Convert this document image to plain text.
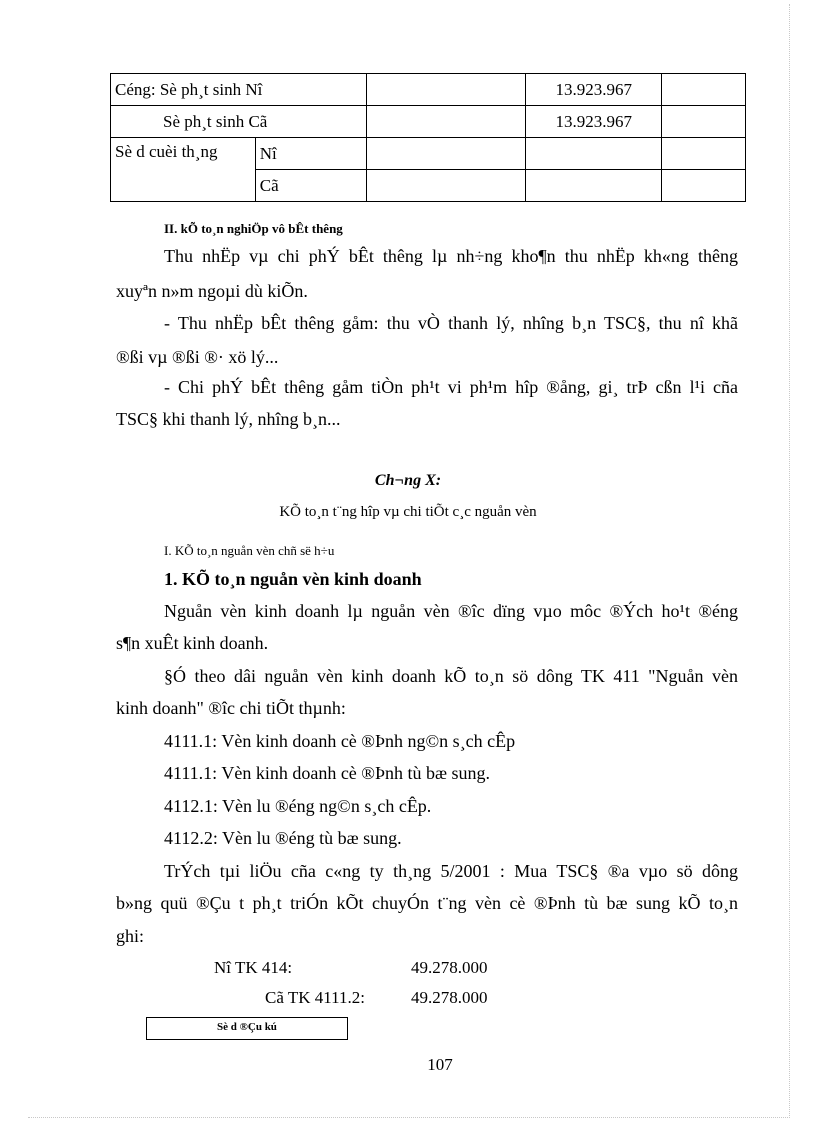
Céng: Sè ph¸t sinh Nî			13.923.967	
Sè ph¸t sinh Cã			13.923.967	
Sè d cuèi th¸ng	Nî			
	Cã			
II. kÕ to¸n nghiÖp vô bÊt thêng
Thu nhËp vµ chi phÝ bÊt thêng lµ nh÷ng kho¶n thu nhËp kh«ng thêng
xuyªn n»m ngoµi dù kiÕn.
- Thu nhËp bÊt thêng gåm: thu vÒ thanh lý, nhîng b¸n TSC§, thu nî khã
®ßi vµ ®ßi ®· xö lý...
- Chi phÝ bÊt thêng gåm tiÒn ph¹t vi ph¹m hîp ®ång, gi¸ trÞ cßn l¹i cña
TSC§ khi thanh lý, nhîng b¸n...
Ch¬ng X:
KÕ to¸n t¨ng hîp vµ chi tiÕt c¸c nguån vèn
I. KÕ to¸n nguån vèn chñ së h÷u
1. KÕ to¸n nguån vèn kinh doanh
Nguån vèn kinh doanh lµ nguån vèn ®îc dïng vµo môc ®Ých ho¹t ®éng
s¶n xuÊt kinh doanh.
§Ó theo dâi nguån vèn kinh doanh kÕ to¸n sö dông TK 411 "Nguån vèn
kinh doanh" ®îc chi tiÕt thµnh:
4111.1: Vèn kinh doanh cè ®Þnh ng©n s¸ch cÊp
4111.1: Vèn kinh doanh cè ®Þnh tù bæ sung.
4112.1: Vèn lu ®éng ng©n s¸ch cÊp.
4112.2: Vèn lu ®éng tù bæ sung.
TrÝch tµi liÖu cña c«ng ty th¸ng 5/2001 : Mua TSC§ ®a vµo sö dông
b»ng quü ®Çu t ph¸t triÓn kÕt chuyÓn t¨ng vèn cè ®Þnh tù bæ sung kÕ to¸n
ghi:
Nî TK 414:	49.278.000
Cã TK 4111.2:	49.278.000
Sè d ®Çu kú
107
